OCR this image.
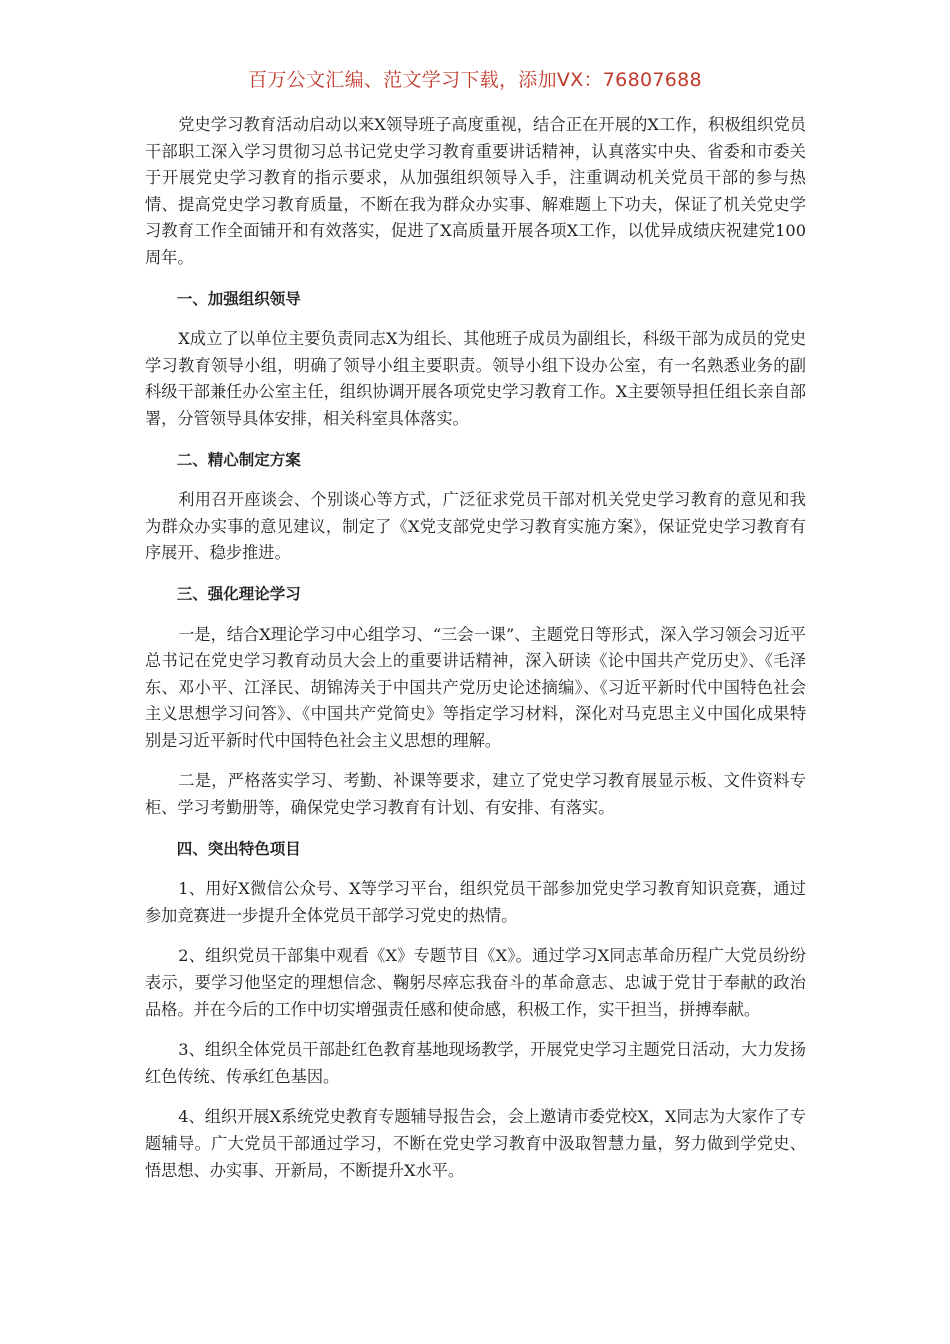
百万公文汇编、范文学习下载，添加VX：76807688

党史学习教育活动启动以来X领导班子高度重视，结合正在开展的X工作，积极组织党员干部职工深入学习贯彻习总书记党史学习教育重要讲话精神，认真落实中央、省委和市委关于开展党史学习教育的指示要求，从加强组织领导入手，注重调动机关党员干部的参与热情、提高党史学习教育质量，不断在我为群众办实事、解难题上下功夫，保证了机关党史学习教育工作全面铺开和有效落实，促进了X高质量开展各项X工作，以优异成绩庆祝建党100周年。

一、加强组织领导

X成立了以单位主要负责同志X为组长、其他班子成员为副组长，科级干部为成员的党史学习教育领导小组，明确了领导小组主要职责。领导小组下设办公室，有一名熟悉业务的副科级干部兼任办公室主任，组织协调开展各项党史学习教育工作。X主要领导担任组长亲自部署，分管领导具体安排，相关科室具体落实。

二、精心制定方案

利用召开座谈会、个别谈心等方式，广泛征求党员干部对机关党史学习教育的意见和我为群众办实事的意见建议，制定了《X党支部党史学习教育实施方案》，保证党史学习教育有序展开、稳步推进。

三、强化理论学习

一是，结合X理论学习中心组学习、“三会一课”、主题党日等形式，深入学习领会习近平总书记在党史学习教育动员大会上的重要讲话精神，深入研读《论中国共产党历史》、《毛泽东、邓小平、江泽民、胡锦涛关于中国共产党历史论述摘编》、《习近平新时代中国特色社会主义思想学习问答》、《中国共产党简史》等指定学习材料，深化对马克思主义中国化成果特别是习近平新时代中国特色社会主义思想的理解。

二是，严格落实学习、考勤、补课等要求，建立了党史学习教育展显示板、文件资料专柜、学习考勤册等，确保党史学习教育有计划、有安排、有落实。

四、突出特色项目

1、用好X微信公众号、X等学习平台，组织党员干部参加党史学习教育知识竞赛，通过参加竞赛进一步提升全体党员干部学习党史的热情。

2、组织党员干部集中观看《X》专题节目《X》。通过学习X同志革命历程广大党员纷纷表示，要学习他坚定的理想信念、鞠躬尽瘁忘我奋斗的革命意志、忠诚于党甘于奉献的政治品格。并在今后的工作中切实增强责任感和使命感，积极工作，实干担当，拼搏奉献。

3、组织全体党员干部赴红色教育基地现场教学，开展党史学习主题党日活动，大力发扬红色传统、传承红色基因。

4、组织开展X系统党史教育专题辅导报告会，会上邀请市委党校X，X同志为大家作了专题辅导。广大党员干部通过学习，不断在党史学习教育中汲取智慧力量，努力做到学党史、悟思想、办实事、开新局，不断提升X水平。
